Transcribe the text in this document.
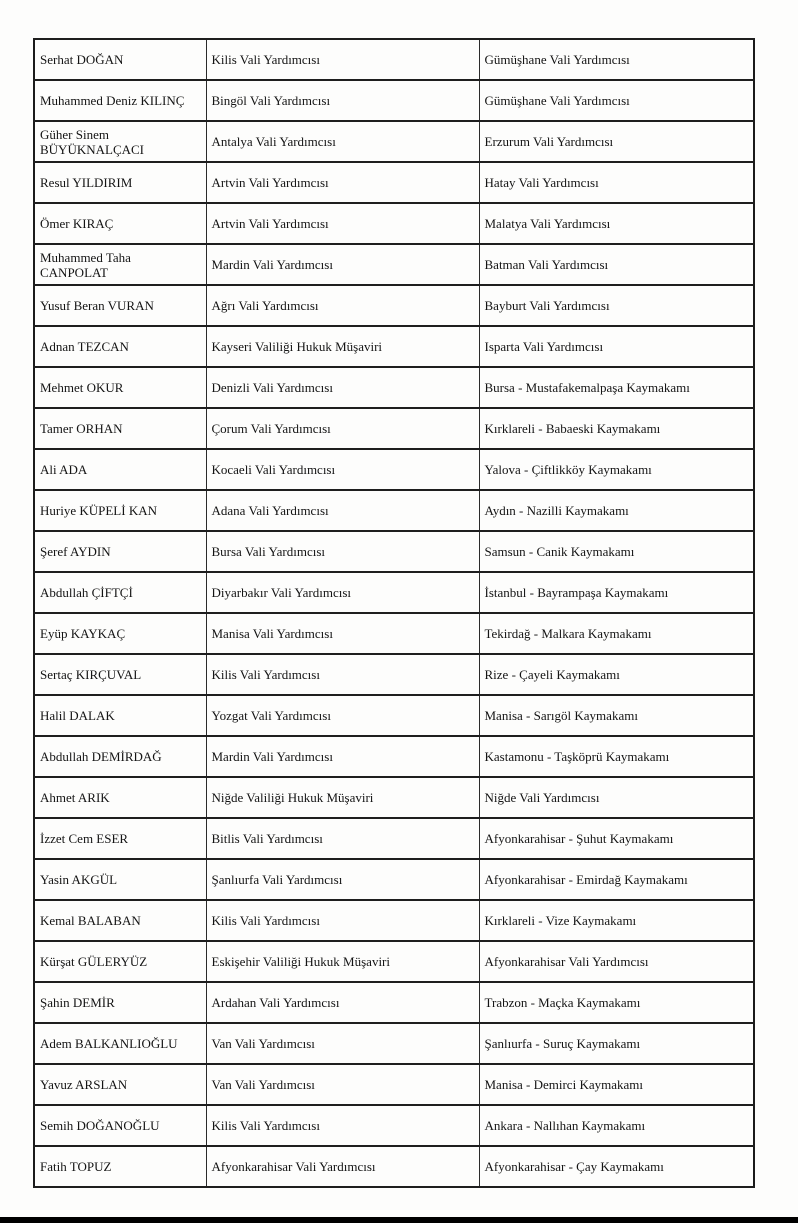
Serhat DOĞAN	Kilis Vali Yardımcısı	Gümüşhane Vali Yardımcısı
Muhammed Deniz KILINÇ	Bingöl Vali Yardımcısı	Gümüşhane Vali Yardımcısı
Güher Sinem BÜYÜKNALÇACI	Antalya Vali Yardımcısı	Erzurum Vali Yardımcısı
Resul YILDIRIM	Artvin Vali Yardımcısı	Hatay Vali Yardımcısı
Ömer KIRAÇ	Artvin Vali Yardımcısı	Malatya Vali Yardımcısı
Muhammed Taha CANPOLAT	Mardin Vali Yardımcısı	Batman Vali Yardımcısı
Yusuf Beran VURAN	Ağrı Vali Yardımcısı	Bayburt Vali Yardımcısı
Adnan TEZCAN	Kayseri Valiliği Hukuk Müşaviri	Isparta Vali Yardımcısı
Mehmet OKUR	Denizli Vali Yardımcısı	Bursa - Mustafakemalpaşa Kaymakamı
Tamer ORHAN	Çorum Vali Yardımcısı	Kırklareli - Babaeski Kaymakamı
Ali ADA	Kocaeli Vali Yardımcısı	Yalova - Çiftlikköy Kaymakamı
Huriye KÜPELİ KAN	Adana Vali Yardımcısı	Aydın - Nazilli Kaymakamı
Şeref AYDIN	Bursa Vali Yardımcısı	Samsun - Canik Kaymakamı
Abdullah ÇİFTÇİ	Diyarbakır Vali Yardımcısı	İstanbul - Bayrampaşa Kaymakamı
Eyüp KAYKAÇ	Manisa Vali Yardımcısı	Tekirdağ - Malkara Kaymakamı
Sertaç KIRÇUVAL	Kilis Vali Yardımcısı	Rize - Çayeli Kaymakamı
Halil DALAK	Yozgat Vali Yardımcısı	Manisa - Sarıgöl Kaymakamı
Abdullah DEMİRDAĞ	Mardin Vali Yardımcısı	Kastamonu - Taşköprü Kaymakamı
Ahmet ARIK	Niğde Valiliği Hukuk Müşaviri	Niğde Vali Yardımcısı
İzzet Cem ESER	Bitlis Vali Yardımcısı	Afyonkarahisar - Şuhut Kaymakamı
Yasin AKGÜL	Şanlıurfa Vali Yardımcısı	Afyonkarahisar - Emirdağ Kaymakamı
Kemal BALABAN	Kilis Vali Yardımcısı	Kırklareli - Vize Kaymakamı
Kürşat GÜLERYÜZ	Eskişehir Valiliği Hukuk Müşaviri	Afyonkarahisar Vali Yardımcısı
Şahin DEMİR	Ardahan Vali Yardımcısı	Trabzon - Maçka Kaymakamı
Adem BALKANLIOĞLU	Van Vali Yardımcısı	Şanlıurfa - Suruç Kaymakamı
Yavuz ARSLAN	Van Vali Yardımcısı	Manisa - Demirci Kaymakamı
Semih DOĞANOĞLU	Kilis Vali Yardımcısı	Ankara - Nallıhan Kaymakamı
Fatih TOPUZ	Afyonkarahisar Vali Yardımcısı	Afyonkarahisar - Çay Kaymakamı
